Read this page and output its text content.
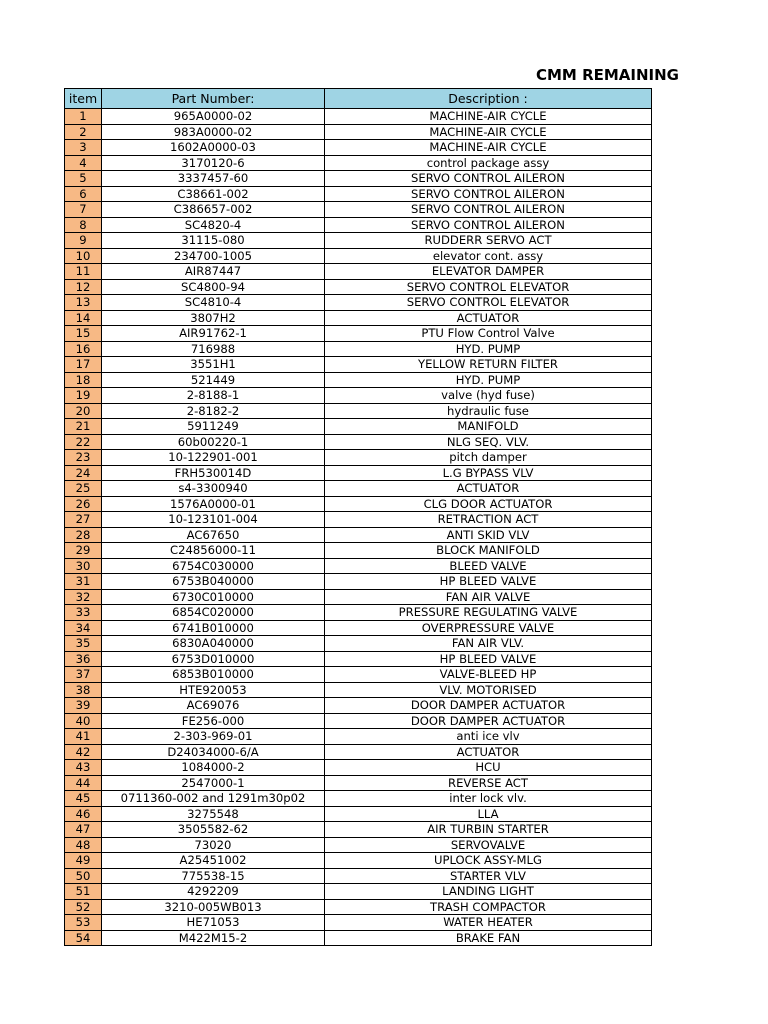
CMM REMAINING
item	Part Number:	Description :
1	965A0000-02	MACHINE-AIR CYCLE
2	983A0000-02	MACHINE-AIR CYCLE
3	1602A0000-03	MACHINE-AIR CYCLE
4	3170120-6	control package assy
5	3337457-60	SERVO CONTROL AILERON
6	C38661-002	SERVO CONTROL AILERON
7	C386657-002	SERVO CONTROL AILERON
8	SC4820-4	SERVO CONTROL AILERON
9	31115-080	RUDDERR SERVO ACT
10	234700-1005	elevator cont. assy
11	AIR87447	ELEVATOR DAMPER
12	SC4800-94	SERVO CONTROL ELEVATOR
13	SC4810-4	SERVO CONTROL ELEVATOR
14	3807H2	ACTUATOR
15	AIR91762-1	PTU Flow Control Valve
16	716988	HYD. PUMP
17	3551H1	YELLOW RETURN FILTER
18	521449	HYD. PUMP
19	2-8188-1	valve (hyd fuse)
20	2-8182-2	hydraulic fuse
21	5911249	MANIFOLD
22	60b00220-1	NLG SEQ. VLV.
23	10-122901-001	pitch damper
24	FRH530014D	L.G BYPASS VLV
25	s4-3300940	ACTUATOR
26	1576A0000-01	CLG DOOR ACTUATOR
27	10-123101-004	RETRACTION ACT
28	AC67650	ANTI SKID VLV
29	C24856000-11	BLOCK MANIFOLD
30	6754C030000	BLEED VALVE
31	6753B040000	HP BLEED VALVE
32	6730C010000	FAN AIR VALVE
33	6854C020000	PRESSURE REGULATING VALVE
34	6741B010000	OVERPRESSURE VALVE
35	6830A040000	FAN AIR VLV.
36	6753D010000	HP BLEED VALVE
37	6853B010000	VALVE-BLEED HP
38	HTE920053	VLV. MOTORISED
39	AC69076	DOOR DAMPER ACTUATOR
40	FE256-000	DOOR DAMPER ACTUATOR
41	2-303-969-01	anti ice vlv
42	D24034000-6/A	ACTUATOR
43	1084000-2	HCU
44	2547000-1	REVERSE ACT
45	0711360-002 and 1291m30p02	inter lock vlv.
46	3275548	LLA
47	3505582-62	AIR TURBIN STARTER
48	73020	SERVOVALVE
49	A25451002	UPLOCK ASSY-MLG
50	775538-15	STARTER VLV
51	4292209	LANDING LIGHT
52	3210-005WB013	TRASH COMPACTOR
53	HE71053	WATER HEATER
54	M422M15-2	BRAKE FAN
